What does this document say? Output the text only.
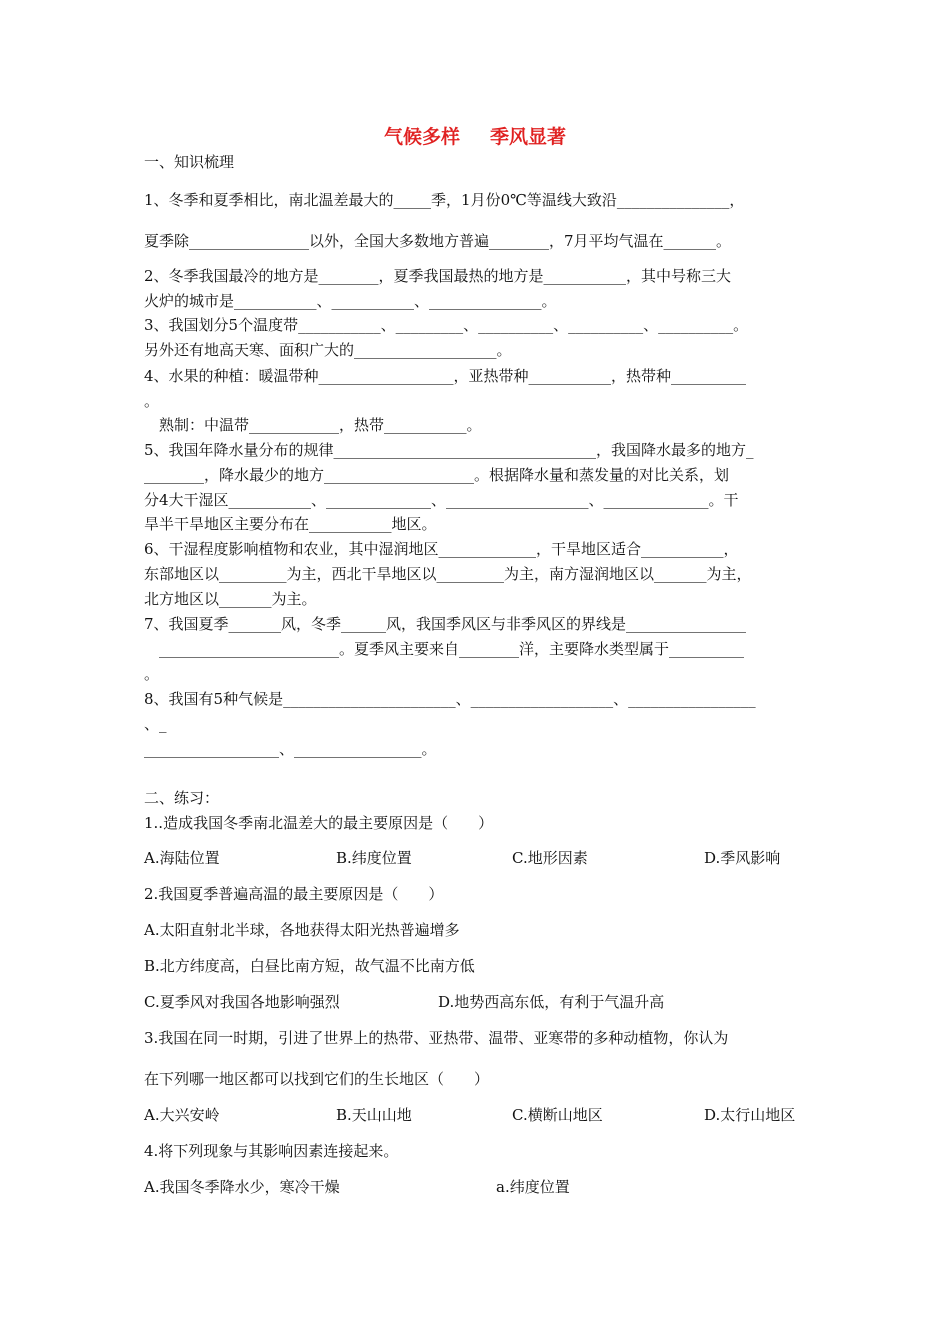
气候多样 季风显著
一、知识梳理
1、冬季和夏季相比，南北温差最大的_____季，1月份0℃等温线大致沿_______________，
夏季除________________以外，全国大多数地方普遍________，7月平均气温在_______。
2、冬季我国最冷的地方是________，夏季我国最热的地方是___________，其中号称三大
火炉的城市是___________、___________、_______________。
3、我国划分5个温度带___________、_________、__________、__________、__________。
另外还有地高天寒、面积广大的___________________。
4、水果的种植：暖温带种__________________，亚热带种___________，热带种__________
。
　熟制：中温带____________，热带___________。
5、我国年降水量分布的规律___________________________________，我国降水最多的地方_
________，降水最少的地方____________________。根据降水量和蒸发量的对比关系，划
分4大干湿区___________、______________、___________________、______________。干
旱半干旱地区主要分布在___________地区。
6、干湿程度影响植物和农业，其中湿润地区_____________，干旱地区适合___________，
东部地区以_________为主，西北干旱地区以_________为主，南方湿润地区以_______为主，
北方地区以_______为主。
7、我国夏季_______风，冬季______风，我国季风区与非季风区的界线是________________
　________________________。夏季风主要来自________洋，主要降水类型属于__________
。
8、我国有5种气候是_______________________、___________________、_________________
、_
__________________、_________________。
二、练习：
1..造成我国冬季南北温差大的最主要原因是（　　）
A.海陆位置	B.纬度位置	C.地形因素	D.季风影响
2.我国夏季普遍高温的最主要原因是（　　）
A.太阳直射北半球，各地获得太阳光热普遍增多
B.北方纬度高，白昼比南方短，故气温不比南方低
C.夏季风对我国各地影响强烈	D.地势西高东低，有利于气温升高
3.我国在同一时期，引进了世界上的热带、亚热带、温带、亚寒带的多种动植物，你认为
在下列哪一地区都可以找到它们的生长地区（　　）
A.大兴安岭	B.天山山地	C.横断山地区	D.太行山地区
4.将下列现象与其影响因素连接起来。
A.我国冬季降水少，寒冷干燥	a.纬度位置
